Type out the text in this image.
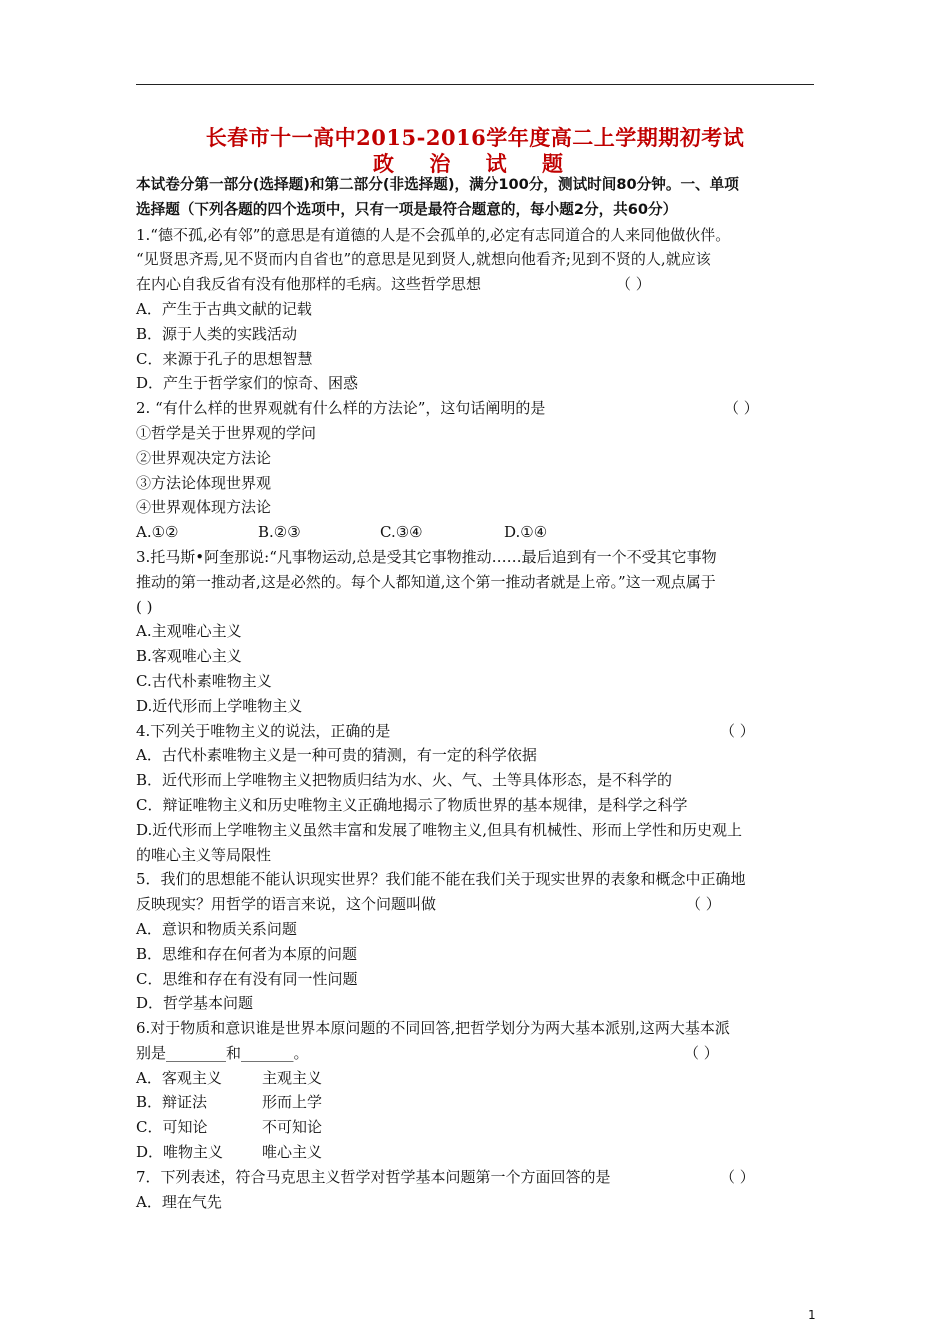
长春市十一高中2015-2016学年度高二上学期期初考试
政 治 试 题
本试卷分第一部分(选择题)和第二部分(非选择题)，满分100分，测试时间80分钟。一、单项
选择题（下列各题的四个选项中，只有一项是最符合题意的，每小题2分，共60分）
1.“德不孤,必有邻”的意思是有道德的人是不会孤单的,必定有志同道合的人来同他做伙伴。
“见贤思齐焉,见不贤而内自省也”的意思是见到贤人,就想向他看齐;见到不贤的人,就应该
在内心自我反省有没有他那样的毛病。这些哲学思想	（ ）
A．产生于古典文献的记载
B．源于人类的实践活动
C．来源于孔子的思想智慧
D．产生于哲学家们的惊奇、困惑
2. “有什么样的世界观就有什么样的方法论”，这句话阐明的是	（ ）
①哲学是关于世界观的学问
②世界观决定方法论
③方法论体现世界观
④世界观体现方法论
A.①②	B.②③	C.③④	D.①④
3.托马斯•阿奎那说:“凡事物运动,总是受其它事物推动……最后追到有一个不受其它事物
推动的第一推动者,这是必然的。每个人都知道,这个第一推动者就是上帝。”这一观点属于
( )
A.主观唯心主义
B.客观唯心主义
C.古代朴素唯物主义
D.近代形而上学唯物主义
4.下列关于唯物主义的说法，正确的是	（ ）
A．古代朴素唯物主义是一种可贵的猜测，有一定的科学依据
B．近代形而上学唯物主义把物质归结为水、火、气、土等具体形态，是不科学的
C．辩证唯物主义和历史唯物主义正确地揭示了物质世界的基本规律，是科学之科学
D.近代形而上学唯物主义虽然丰富和发展了唯物主义,但具有机械性、形而上学性和历史观上
的唯心主义等局限性
5．我们的思想能不能认识现实世界？我们能不能在我们关于现实世界的表象和概念中正确地
反映现实？用哲学的语言来说，这个问题叫做	（ ）
A．意识和物质关系问题
B．思维和存在何者为本原的问题
C．思维和存在有没有同一性问题
D．哲学基本问题
6.对于物质和意识谁是世界本原问题的不同回答,把哲学划分为两大基本派别,这两大基本派
别是________和_______。	（ ）
A．客观主义	主观主义
B．辩证法	形而上学
C．可知论	不可知论
D．唯物主义	唯心主义
7．下列表述，符合马克思主义哲学对哲学基本问题第一个方面回答的是	（ ）
A．理在气先
1
